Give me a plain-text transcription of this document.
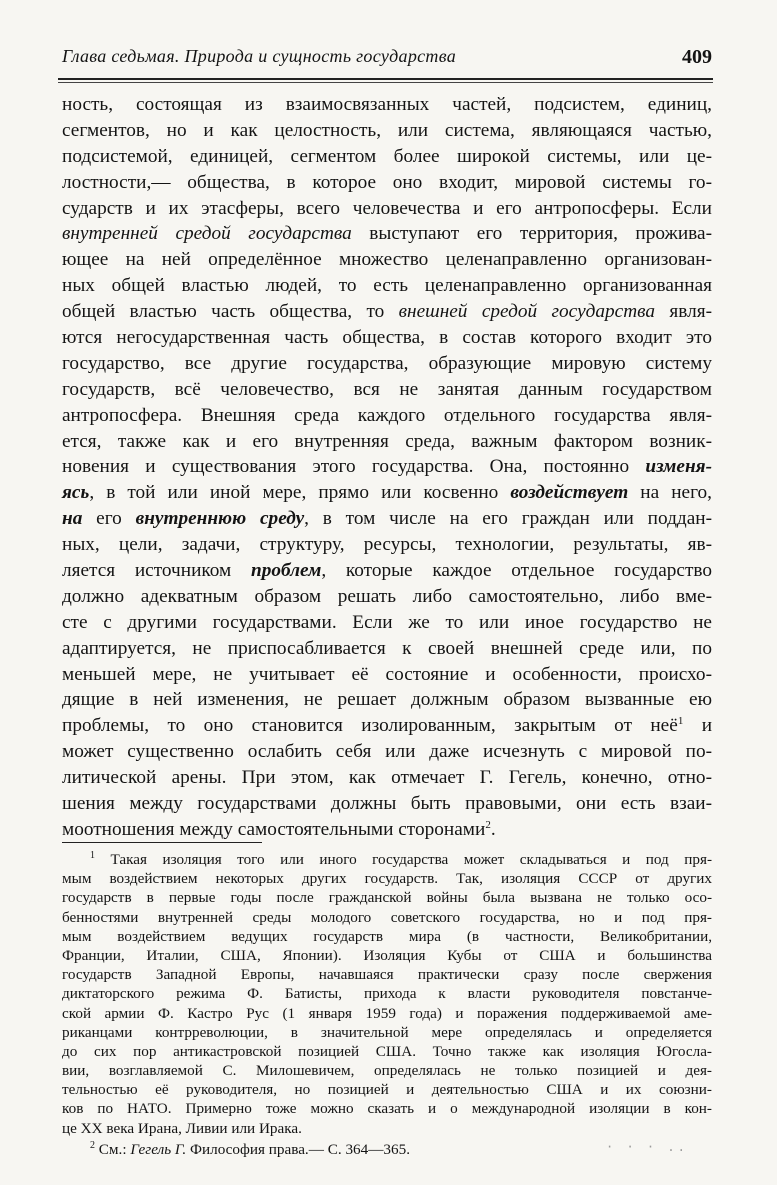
Глава седьмая. Природа и сущность государства	409
ность, состоящая из взаимосвязанных частей, подсистем, единиц,
сегментов, но и как целостность, или система, являющаяся частью,
подсистемой, единицей, сегментом более широкой системы, или це-
лостности,— общества, в которое оно входит, мировой системы го-
сударств и их этасферы, всего человечества и его антропосферы. Если
внутренней средой государства выступают его территория, прожива-
ющее на ней определённое множество целенаправленно организован-
ных общей властью людей, то есть целенаправленно организованная
общей властью часть общества, то внешней средой государства явля-
ются негосударственная часть общества, в состав которого входит это
государство, все другие государства, образующие мировую систему
государств, всё человечество, вся не занятая данным государством
антропосфера. Внешняя среда каждого отдельного государства явля-
ется, также как и его внутренняя среда, важным фактором возник-
новения и существования этого государства. Она, постоянно изменя-
ясь, в той или иной мере, прямо или косвенно воздействует на него,
на его внутреннюю среду, в том числе на его граждан или поддан-
ных, цели, задачи, структуру, ресурсы, технологии, результаты, яв-
ляется источником проблем, которые каждое отдельное государство
должно адекватным образом решать либо самостоятельно, либо вме-
сте с другими государствами. Если же то или иное государство не
адаптируется, не приспосабливается к своей внешней среде или, по
меньшей мере, не учитывает её состояние и особенности, происхо-
дящие в ней изменения, не решает должным образом вызванные ею
проблемы, то оно становится изолированным, закрытым от неё$^1$ и
может существенно ослабить себя или даже исчезнуть с мировой по-
литической арены. При этом, как отмечает Г. Гегель, конечно, отно-
шения между государствами должны быть правовыми, они есть взаи-
моотношения между самостоятельными сторонами$^2$.
$^1$ Такая изоляция того или иного государства может складываться и под пря-
мым воздействием некоторых других государств. Так, изоляция СССР от других
государств в первые годы после гражданской войны была вызвана не только осо-
бенностями внутренней среды молодого советского государства, но и под пря-
мым воздействием ведущих государств мира (в частности, Великобритании,
Франции, Италии, США, Японии). Изоляция Кубы от США и большинства
государств Западной Европы, начавшаяся практически сразу после свержения
диктаторского режима Ф. Батисты, прихода к власти руководителя повстанче-
ской армии Ф. Кастро Рус (1 января 1959 года) и поражения поддерживаемой аме-
риканцами контрреволюции, в значительной мере определялась и определяется
до сих пор антикастровской позицией США. Точно также как изоляция Югосла-
вии, возглавляемой С. Милошевичем, определялась не только позицией и дея-
тельностью её руководителя, но позицией и деятельностью США и их союзни-
ков по НАТО. Примерно тоже можно сказать и о международной изоляции в кон-
це XX века Ирана, Ливии или Ирака.
$^2$ См.: Гегель Г. Философия права.— С. 364—365.	· · · ..
